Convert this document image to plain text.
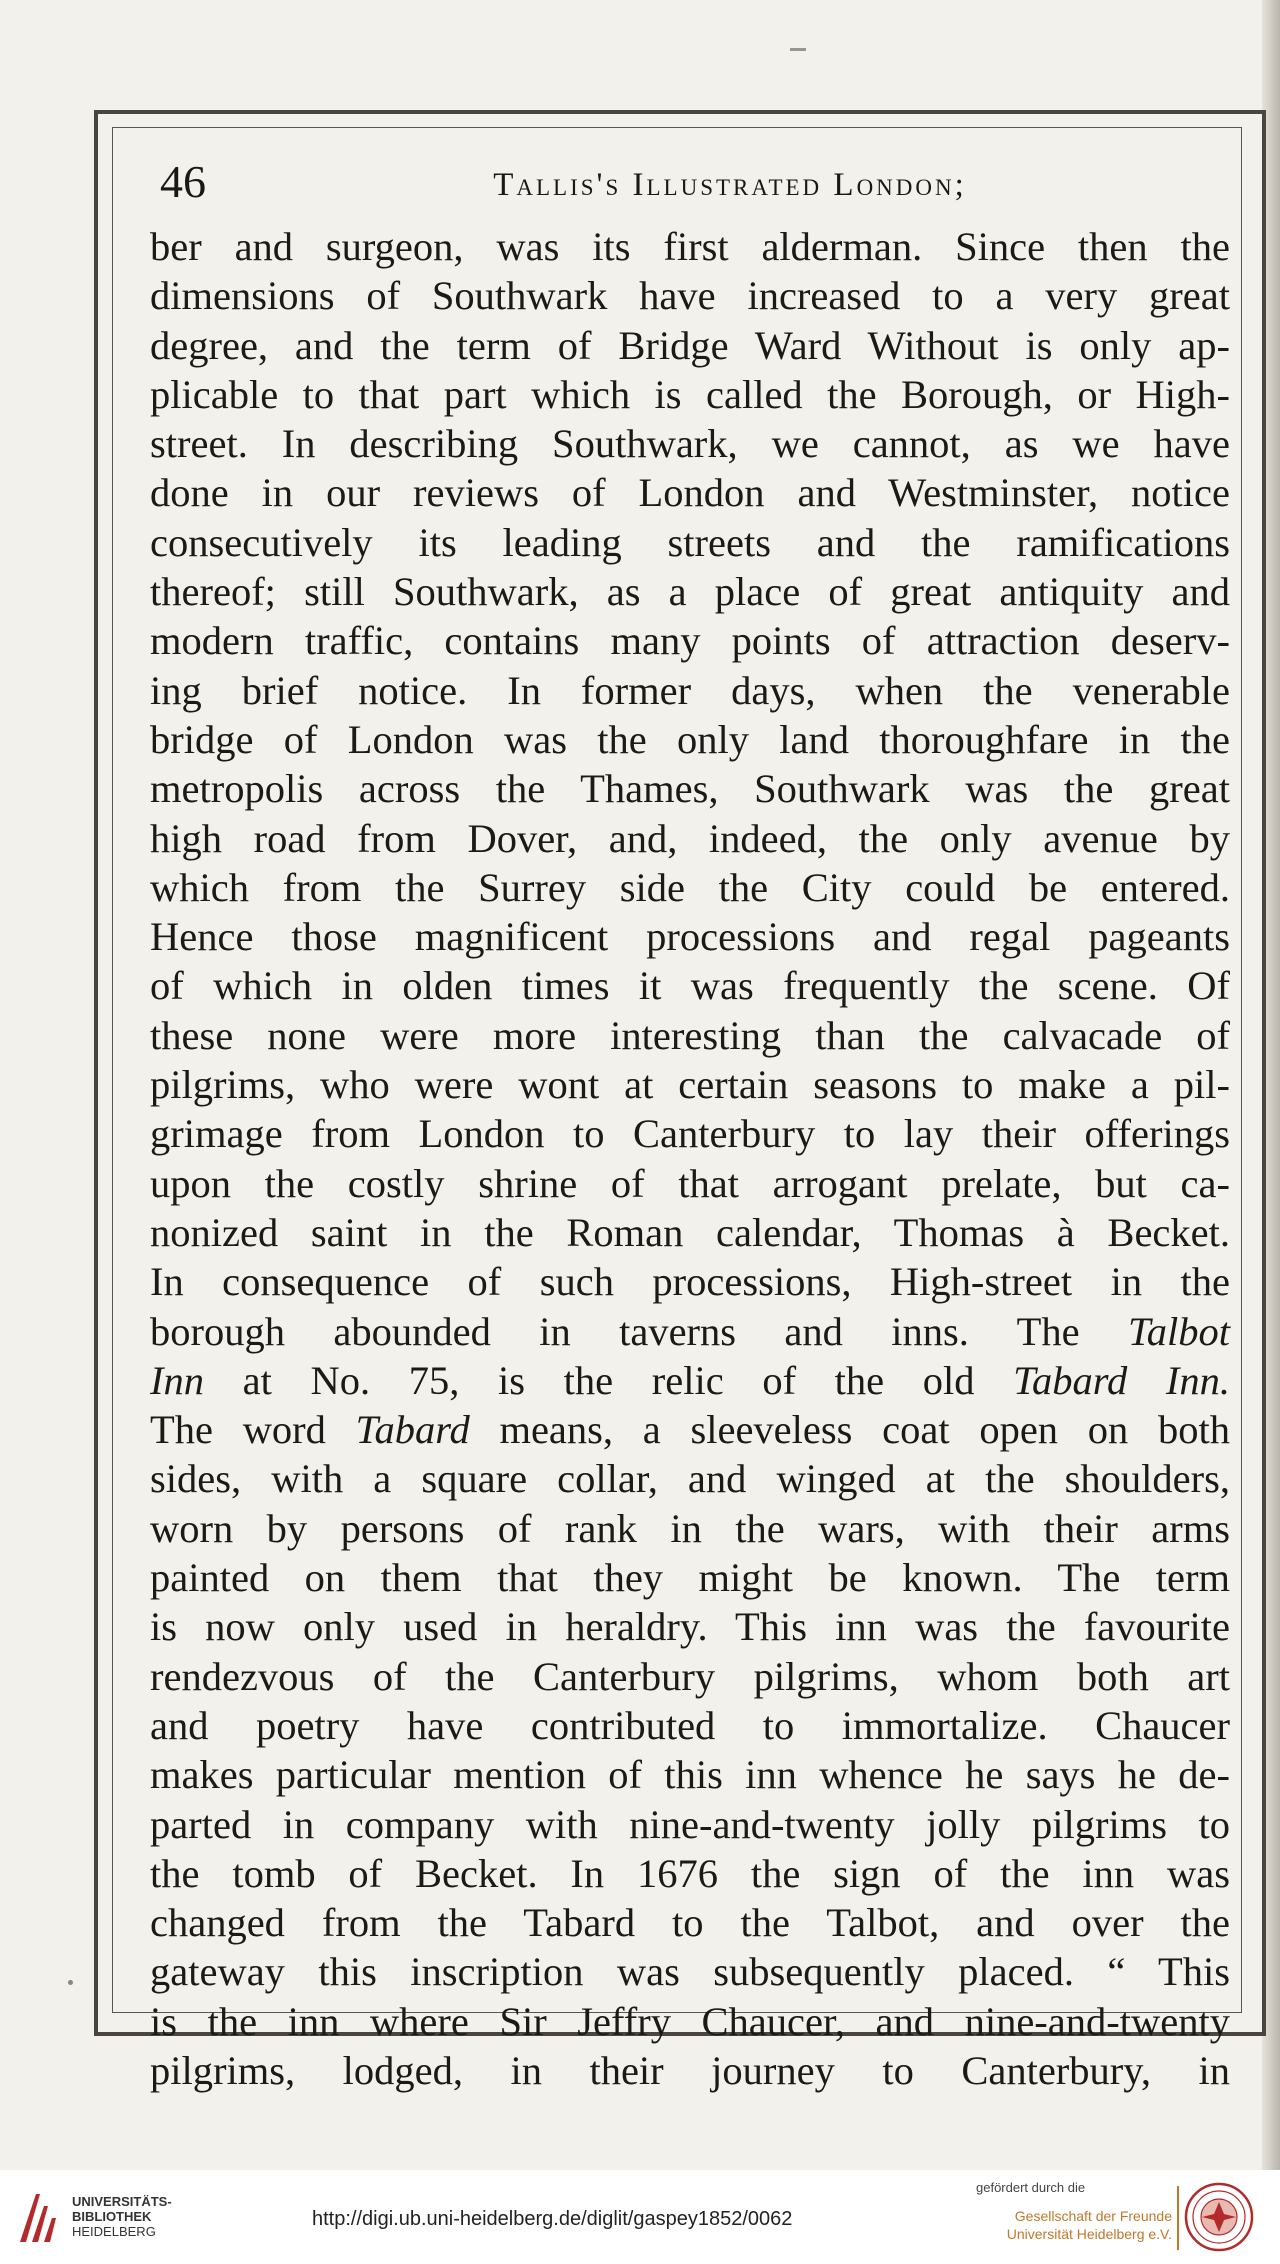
46	Tallis's Illustrated London;
ber and surgeon, was its first alderman. Since then the
dimensions of Southwark have increased to a very great
degree, and the term of Bridge Ward Without is only ap-
plicable to that part which is called the Borough, or High-
street. In describing Southwark, we cannot, as we have
done in our reviews of London and Westminster, notice
consecutively its leading streets and the ramifications
thereof; still Southwark, as a place of great antiquity and
modern traffic, contains many points of attraction deserv-
ing brief notice. In former days, when the venerable
bridge of London was the only land thoroughfare in the
metropolis across the Thames, Southwark was the great
high road from Dover, and, indeed, the only avenue by
which from the Surrey side the City could be entered.
Hence those magnificent processions and regal pageants
of which in olden times it was frequently the scene. Of
these none were more interesting than the calvacade of
pilgrims, who were wont at certain seasons to make a pil-
grimage from London to Canterbury to lay their offerings
upon the costly shrine of that arrogant prelate, but ca-
nonized saint in the Roman calendar, Thomas à Becket.
In consequence of such processions, High-street in the
borough abounded in taverns and inns. The Talbot
Inn at No. 75, is the relic of the old Tabard Inn.
The word Tabard means, a sleeveless coat open on both
sides, with a square collar, and winged at the shoulders,
worn by persons of rank in the wars, with their arms
painted on them that they might be known. The term
is now only used in heraldry. This inn was the favourite
rendezvous of the Canterbury pilgrims, whom both art
and poetry have contributed to immortalize. Chaucer
makes particular mention of this inn whence he says he de-
parted in company with nine-and-twenty jolly pilgrims to
the tomb of Becket. In 1676 the sign of the inn was
changed from the Tabard to the Talbot, and over the
gateway this inscription was subsequently placed. “ This
is the inn where Sir Jeffry Chaucer, and nine-and-twenty
pilgrims, lodged, in their journey to Canterbury, in
UNIVERSITÄTS-
BIBLIOTHEK
HEIDELBERG
http://digi.ub.uni-heidelberg.de/diglit/gaspey1852/0062
gefördert durch die
Gesellschaft der Freunde
Universität Heidelberg e.V.
